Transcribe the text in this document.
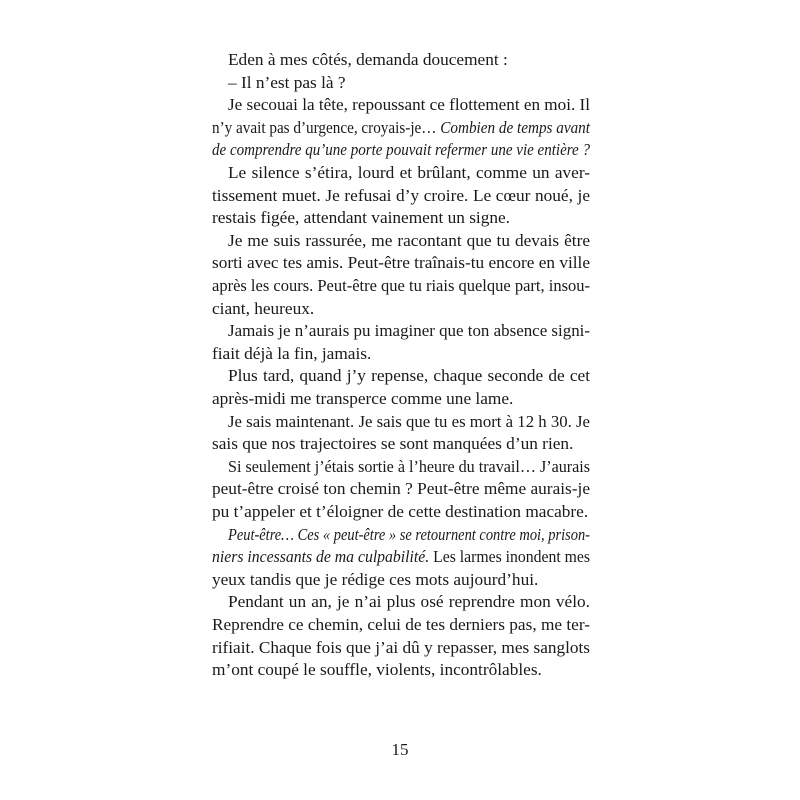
Eden à mes côtés, demanda doucement :
– Il n’est pas là ?
Je secouai la tête, repoussant ce flottement en moi. Il
n’y avait pas d’urgence, croyais-je… Combien de temps avant
de comprendre qu’une porte pouvait refermer une vie entière ?
Le silence s’étira, lourd et brûlant, comme un aver-
tissement muet. Je refusai d’y croire. Le cœur noué, je
restais figée, attendant vainement un signe.
Je me suis rassurée, me racontant que tu devais être
sorti avec tes amis. Peut-être traînais-tu encore en ville
après les cours. Peut-être que tu riais quelque part, insou-
ciant, heureux.
Jamais je n’aurais pu imaginer que ton absence signi-
fiait déjà la fin, jamais.
Plus tard, quand j’y repense, chaque seconde de cet
après-midi me transperce comme une lame.
Je sais maintenant. Je sais que tu es mort à 12 h 30. Je
sais que nos trajectoires se sont manquées d’un rien.
Si seulement j’étais sortie à l’heure du travail… J’aurais
peut-être croisé ton chemin ? Peut-être même aurais-je
pu t’appeler et t’éloigner de cette destination macabre.
Peut-être… Ces « peut-être » se retournent contre moi, prison-
niers incessants de ma culpabilité. Les larmes inondent mes
yeux tandis que je rédige ces mots aujourd’hui.
Pendant un an, je n’ai plus osé reprendre mon vélo.
Reprendre ce chemin, celui de tes derniers pas, me ter-
rifiait. Chaque fois que j’ai dû y repasser, mes sanglots
m’ont coupé le souffle, violents, incontrôlables.
15
